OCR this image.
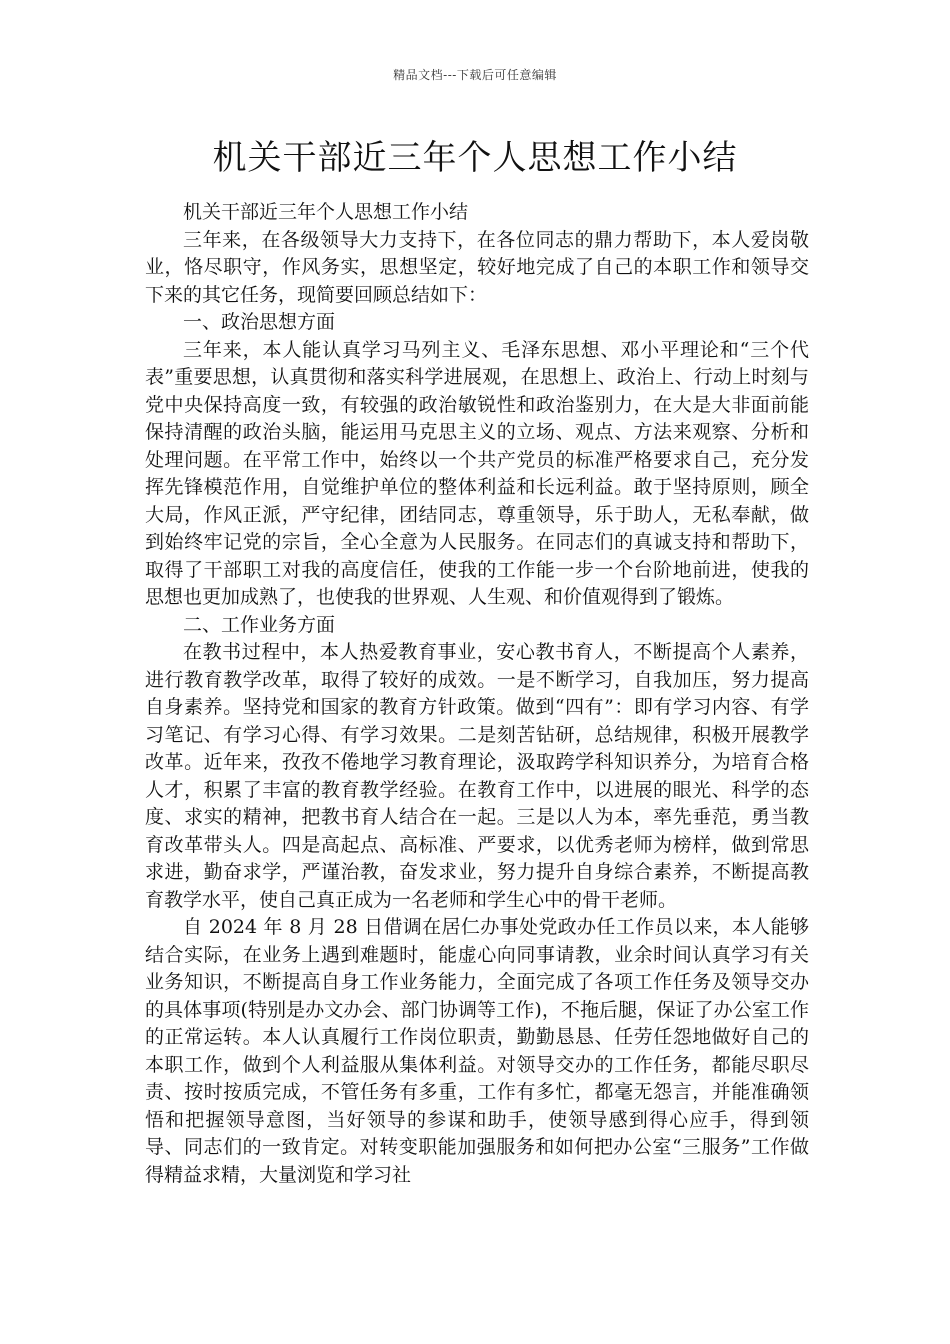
精品文档---下载后可任意编辑
机关干部近三年个人思想工作小结

机关干部近三年个人思想工作小结

三年来，在各级领导大力支持下，在各位同志的鼎力帮助下，本人爱岗敬业，恪尽职守，作风务实，思想坚定，较好地完成了自己的本职工作和领导交下来的其它任务，现简要回顾总结如下：

一、政治思想方面

三年来，本人能认真学习马列主义、毛泽东思想、邓小平理论和“三个代表”重要思想，认真贯彻和落实科学进展观，在思想上、政治上、行动上时刻与党中央保持高度一致，有较强的政治敏锐性和政治鉴别力，在大是大非面前能保持清醒的政治头脑，能运用马克思主义的立场、观点、方法来观察、分析和处理问题。在平常工作中，始终以一个共产党员的标准严格要求自己，充分发挥先锋模范作用，自觉维护单位的整体利益和长远利益。敢于坚持原则，顾全大局，作风正派，严守纪律，团结同志，尊重领导，乐于助人，无私奉献，做到始终牢记党的宗旨，全心全意为人民服务。在同志们的真诚支持和帮助下，取得了干部职工对我的高度信任，使我的工作能一步一个台阶地前进，使我的思想也更加成熟了，也使我的世界观、人生观、和价值观得到了锻炼。

二、工作业务方面

在教书过程中，本人热爱教育事业，安心教书育人，不断提高个人素养，进行教育教学改革，取得了较好的成效。一是不断学习，自我加压，努力提高自身素养。坚持党和国家的教育方针政策。做到“四有”：即有学习内容、有学习笔记、有学习心得、有学习效果。二是刻苦钻研，总结规律，积极开展教学改革。近年来，孜孜不倦地学习教育理论，汲取跨学科知识养分，为培育合格人才，积累了丰富的教育教学经验。在教育工作中，以进展的眼光、科学的态度、求实的精神，把教书育人结合在一起。三是以人为本，率先垂范，勇当教育改革带头人。四是高起点、高标准、严要求，以优秀老师为榜样，做到常思求进，勤奋求学，严谨治教，奋发求业，努力提升自身综合素养，不断提高教育教学水平，使自己真正成为一名老师和学生心中的骨干老师。

自 2024 年 8 月 28 日借调在居仁办事处党政办任工作员以来，本人能够结合实际，在业务上遇到难题时，能虚心向同事请教，业余时间认真学习有关业务知识，不断提高自身工作业务能力，全面完成了各项工作任务及领导交办的具体事项(特别是办文办会、部门协调等工作)，不拖后腿，保证了办公室工作的正常运转。本人认真履行工作岗位职责，勤勤恳恳、任劳任怨地做好自己的本职工作，做到个人利益服从集体利益。对领导交办的工作任务，都能尽职尽责、按时按质完成，不管任务有多重，工作有多忙，都毫无怨言，并能准确领悟和把握领导意图，当好领导的参谋和助手，使领导感到得心应手，得到领导、同志们的一致肯定。对转变职能加强服务和如何把办公室“三服务”工作做得精益求精，大量浏览和学习社
